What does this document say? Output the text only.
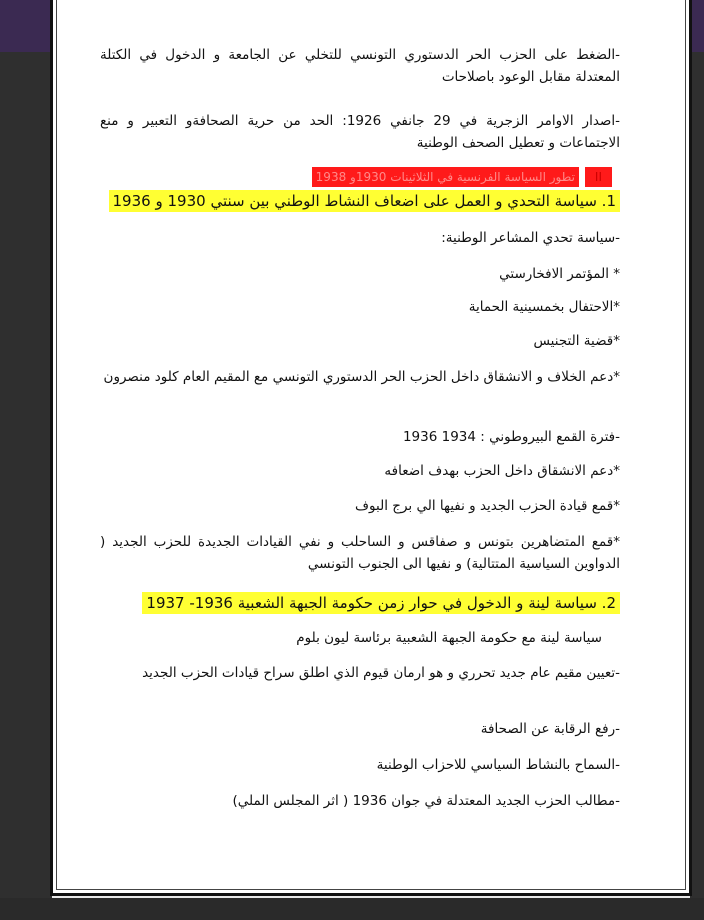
-الضغط على الحزب الحر الدستوري التونسي للتخلي عن الجامعة و الدخول في الكتلة المعتدلة مقابل الوعود باصلاحات
-اصدار الاوامر الزجرية في 29 جانفي 1926: الحد من حرية الصحافةو التعبير و منع الاجتماعات و تعطيل الصحف الوطنية
II
تطور السياسة الفرنسية في الثلاثينات 1930و 1938
1. سياسة التحدي و العمل على اضعاف النشاط الوطني بين سنتي 1930 و 1936
-سياسة تحدي المشاعر الوطنية:
* المؤتمر الافخارستي
*الاحتفال بخمسينية الحماية
*قضية التجنيس
*دعم الخلاف و الانشقاق داخل الحزب الحر الدستوري التونسي مع المقيم العام كلود منصرون
-فترة القمع البيروطوني : 1934 1936
*دعم الانشقاق داخل الحزب بهدف اضعافه
*قمع قيادة الحزب الجديد و نفيها الي برج البوف
*قمع المتضاهرين بتونس و صفاقس و الساحلب و نفي القيادات الجديدة للحزب الجديد ( الدواوين السياسية المتتالية) و نفيها الى الجنوب التونسي
2. سياسة لينة و الدخول في حوار زمن حكومة الجبهة الشعبية 1936- 1937
سياسة لينة مع حكومة الجبهة الشعبية برئاسة ليون بلوم
-تعيين مقيم عام جديد تحرري و هو ارمان قيوم الذي اطلق سراح قيادات الحزب الجديد
-رفع الرقابة عن الصحافة
-السماح بالنشاط السياسي للاحزاب الوطنية
-مطالب الحزب الجديد المعتدلة في جوان 1936 ( اثر المجلس الملي)
